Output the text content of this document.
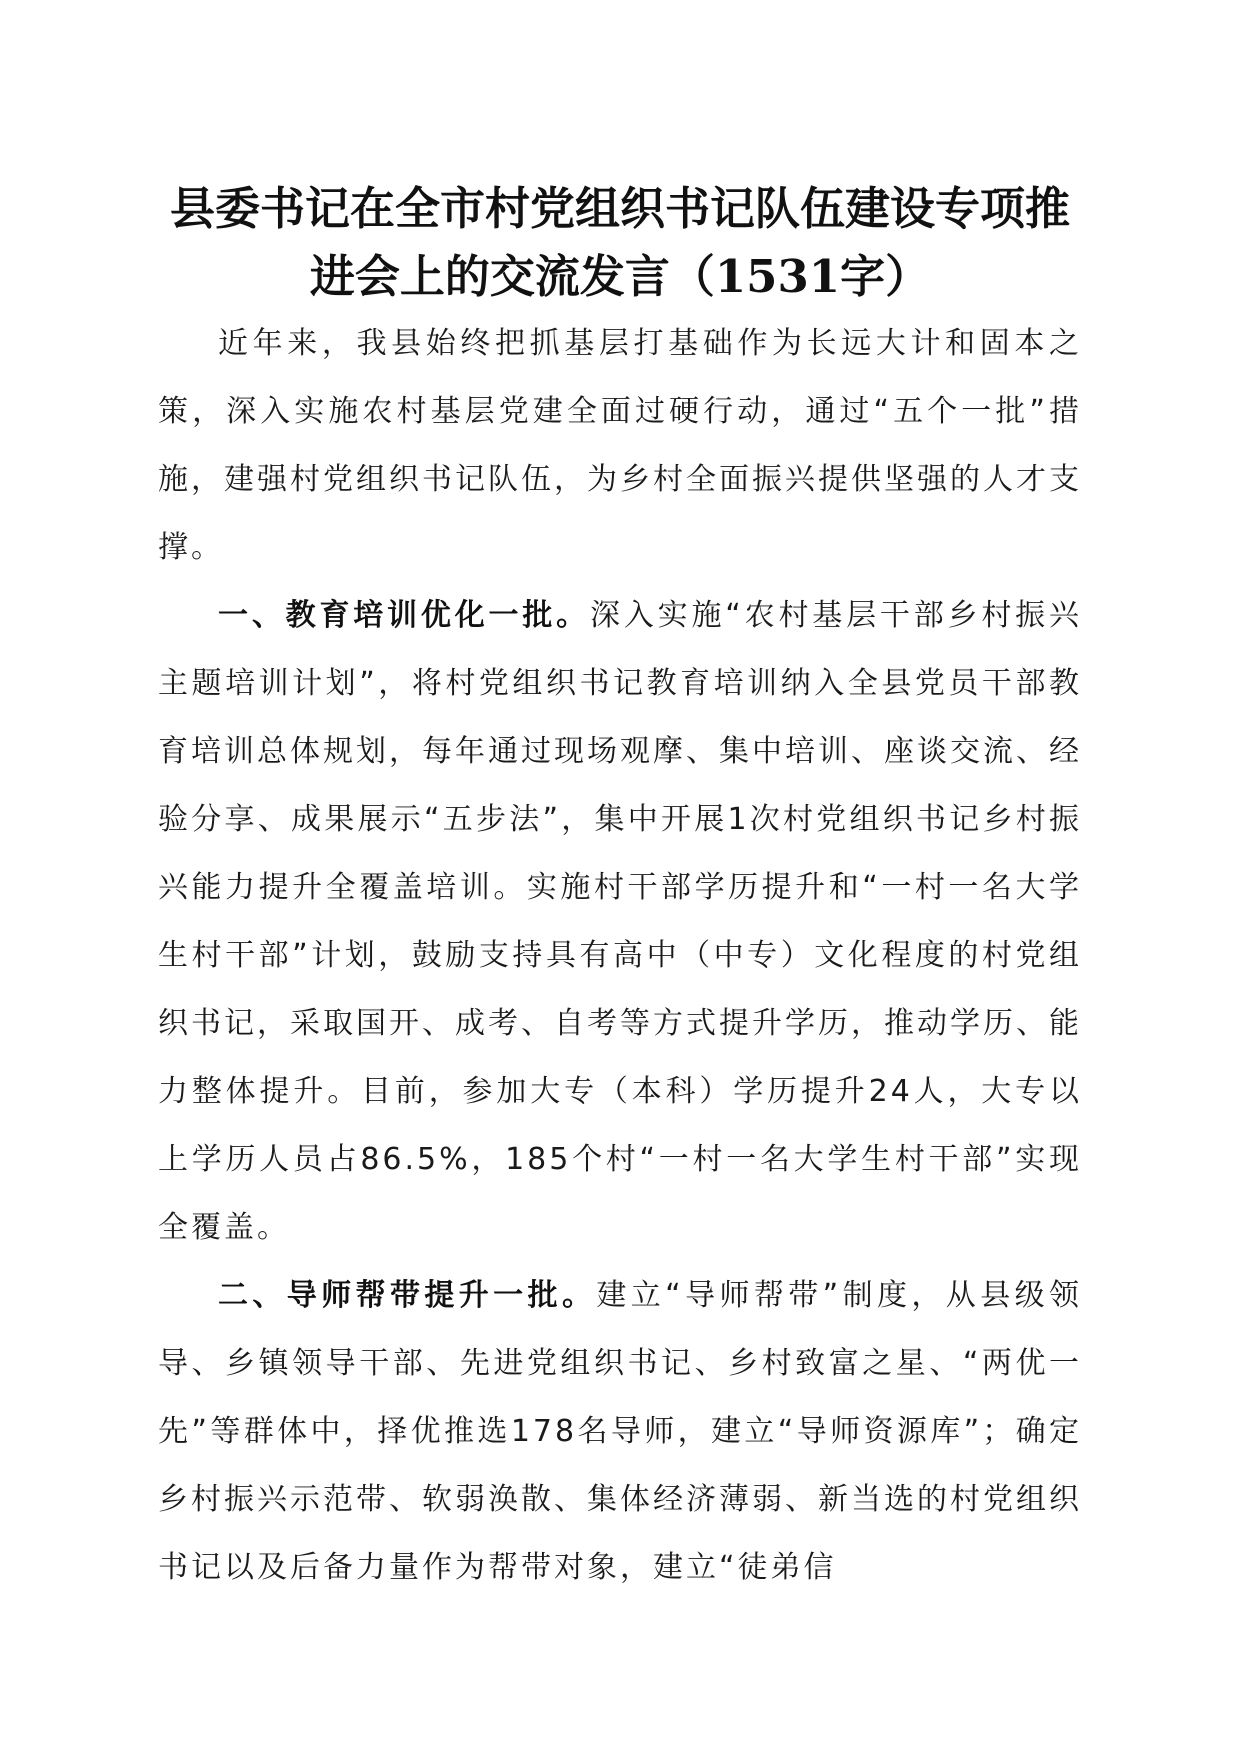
县委书记在全市村党组织书记队伍建设专项推
进会上的交流发言（1531字）

近年来，我县始终把抓基层打基础作为长远大计和固本之策，深入实施农村基层党建全面过硬行动，通过“五个一批”措施，建强村党组织书记队伍，为乡村全面振兴提供坚强的人才支撑。

一、教育培训优化一批。深入实施“农村基层干部乡村振兴主题培训计划”，将村党组织书记教育培训纳入全县党员干部教育培训总体规划，每年通过现场观摩、集中培训、座谈交流、经验分享、成果展示“五步法”，集中开展1次村党组织书记乡村振兴能力提升全覆盖培训。实施村干部学历提升和“一村一名大学生村干部”计划，鼓励支持具有高中（中专）文化程度的村党组织书记，采取国开、成考、自考等方式提升学历，推动学历、能力整体提升。目前，参加大专（本科）学历提升24人，大专以上学历人员占86.5%，185个村“一村一名大学生村干部”实现全覆盖。

二、导师帮带提升一批。建立“导师帮带”制度，从县级领导、乡镇领导干部、先进党组织书记、乡村致富之星、“两优一先”等群体中，择优推选178名导师，建立“导师资源库”；确定乡村振兴示范带、软弱涣散、集体经济薄弱、新当选的村党组织书记以及后备力量作为帮带对象，建立“徒弟信
